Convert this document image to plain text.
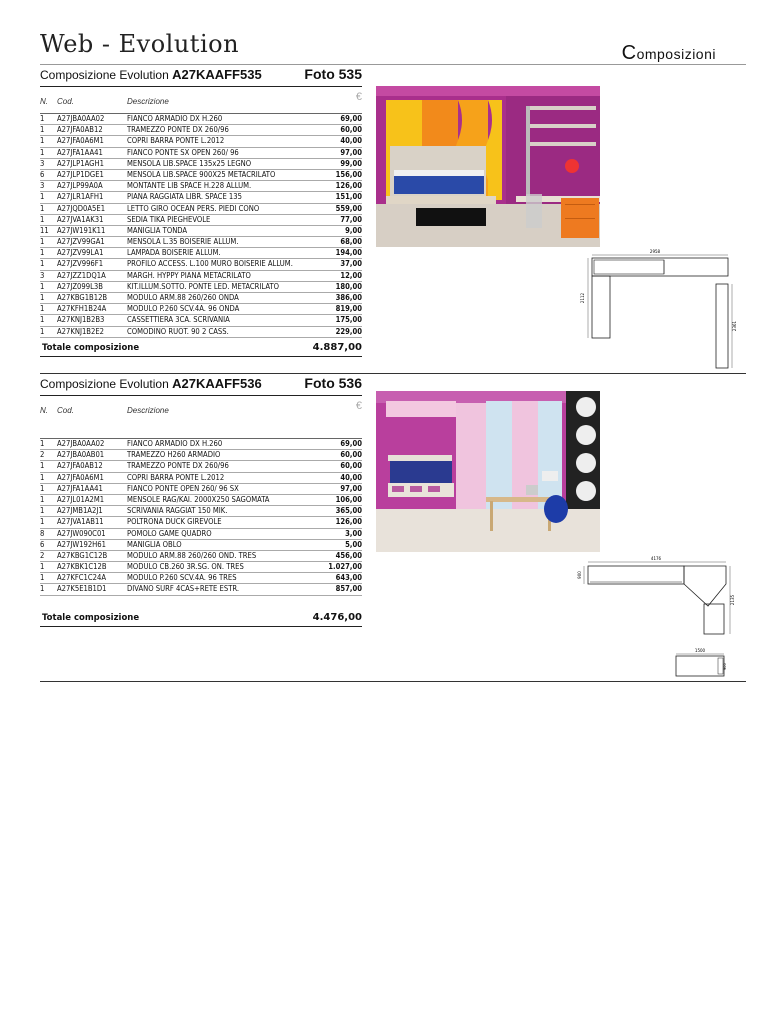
Web - Evolution	Composizioni
Composizione Evolution A27KAAFF535	Foto 535
N. Cod.	Descrizione	€
1 A27JBA0AA02	FIANCO ARMADIO DX H.260	69,00
1 A27JFA0AB12	TRAMEZZO PONTE DX 260/96	60,00
1 A27JFA0A6M1	COPRI BARRA PONTE L.2012	40,00
1 A27JFA1AA41	FIANCO PONTE SX OPEN 260/ 96	97,00
3 A27JLP1AGH1	MENSOLA LIB.SPACE 135x25 LEGNO	99,00
6 A27JLP1DGE1	MENSOLA LIB.SPACE 900X25 METACRILATO	156,00
3 A27JLP99A0A	MONTANTE LIB SPACE H.228 ALLUM.	126,00
1 A27JLR1AFH1	PIANA RAGGIATA LIBR. SPACE 135	151,00
1 A27JQD0A5E1	LETTO GIRO OCEAN PERS. PIEDI CONO	559,00
1 A27JVA1AK31	SEDIA TIKA PIEGHEVOLE	77,00
11 A27JW191K11	MANIGLIA TONDA	9,00
1 A27JZV99GA1	MENSOLA L.35 BOISERIE ALLUM.	68,00
1 A27JZV99LA1	LAMPADA BOISERIE ALLUM.	194,00
1 A27JZV996F1	PROFILO ACCESS. L.100 MURO BOISERIE ALLUM.	37,00
3 A27JZZ1DQ1A	MARGH. HYPPY PIANA METACRILATO	12,00
1 A27JZ099L3B	KIT.ILLUM.SOTTO. PONTE LED. METACRILATO	180,00
1 A27KBG1B12B	MODULO ARM.88 260/260 ONDA	386,00
1 A27KFH1B24A	MODULO P.260 SCV.4A. 96 ONDA	819,00
1 A27KNJ1B2B3	CASSETTIERA 3CA. SCRIVANIA	175,00
1 A27KNJ1B2E2	COMODINO RUOT. 90 2 CASS.	229,00
Totale composizione	4.887,00
Composizione Evolution A27KAAFF536	Foto 536
N. Cod.	Descrizione	€
1 A27JBA0AA02	FIANCO ARMADIO DX H.260	69,00
2 A27JBA0AB01	TRAMEZZO H260 ARMADIO	60,00
1 A27JFA0AB12	TRAMEZZO PONTE DX 260/96	60,00
1 A27JFA0A6M1	COPRI BARRA PONTE L.2012	40,00
1 A27JFA1AA41	FIANCO PONTE OPEN 260/ 96 SX	97,00
1 A27JL01A2M1	MENSOLE RAG/KAI. 2000X250 SAGOMATA	106,00
1 A27JMB1A2J1	SCRIVANIA RAGGIAT 150 MIK.	365,00
1 A27JVA1AB11	POLTRONA DUCK GIREVOLE	126,00
8 A27JW090C01	POMOLO GAME QUADRO	3,00
6 A27JW192H61	MANIGLIA OBLO	5,00
2 A27KBG1C12B	MODULO ARM.88 260/260 OND. TRES	456,00
1 A27KBK1C12B	MODULO CB.260 3R.SG. ON. TRES	1.027,00
1 A27KFC1C24A	MODULO P.260 SCV.4A. 96 TRES	643,00
1 A27K5E1B1D1	DIVANO SURF 4CAS+RETE ESTR.	857,00
Totale composizione	4.476,00
2958
2112
2361
4176
2135
900
1500
900
